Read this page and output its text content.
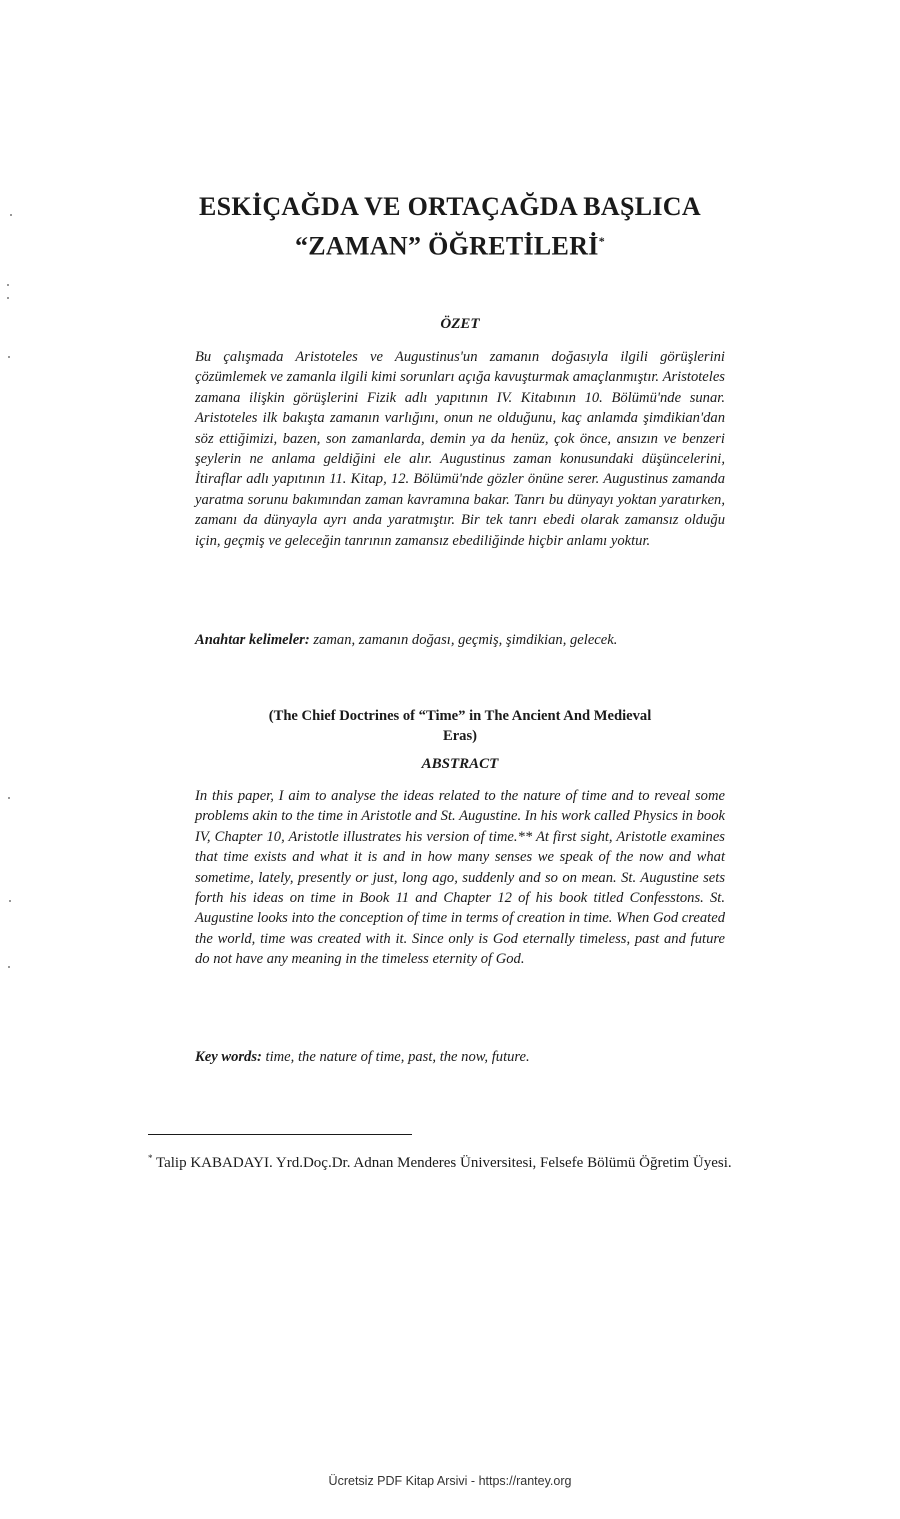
ESKİÇAĞDA VE ORTAÇAĞDA BAŞLICA
“ZAMAN” ÖĞRETİLERİ*
ÖZET
Bu çalışmada Aristoteles ve Augustinus'un zamanın doğasıyla ilgili görüşlerini çözümlemek ve zamanla ilgili kimi sorunları açığa kavuşturmak amaçlanmıştır. Aristoteles zamana ilişkin görüşlerini Fizik adlı yapıtının IV. Kitabının 10. Bölümü'nde sunar. Aristoteles ilk bakışta zamanın varlığını, onun ne olduğunu, kaç anlamda şimdikian'dan söz ettiğimizi, bazen, son zamanlarda, demin ya da henüz, çok önce, ansızın ve benzeri şeylerin ne anlama geldiğini ele alır. Augustinus zaman konusundaki düşüncelerini, İtiraflar adlı yapıtının 11. Kitap, 12. Bölümü'nde gözler önüne serer. Augustinus zamanda yaratma sorunu bakımından zaman kavramına bakar. Tanrı bu dünyayı yoktan yaratırken, zamanı da dünyayla ayrı anda yaratmıştır. Bir tek tanrı ebedi olarak zamansız olduğu için, geçmiş ve geleceğin tanrının zamansız ebediliğinde hiçbir anlamı yoktur.
Anahtar kelimeler: zaman, zamanın doğası, geçmiş, şimdikian, gelecek.
(The Chief Doctrines of “Time” in The Ancient And Medieval
Eras)
ABSTRACT
In this paper, I aim to analyse the ideas related to the nature of time and to reveal some problems akin to the time in Aristotle and St. Augustine. In his work called Physics in book IV, Chapter 10, Aristotle illustrates his version of time.** At first sight, Aristotle examines that time exists and what it is and in how many senses we speak of the now and what sometime, lately, presently or just, long ago, suddenly and so on mean. St. Augustine sets forth his ideas on time in Book 11 and Chapter 12 of his book titled Confesstons. St. Augustine looks into the conception of time in terms of creation in time. When God created the world, time was created with it. Since only is God eternally timeless, past and future do not have any meaning in the timeless eternity of God.
Key words: time, the nature of time, past, the now, future.
* Talip KABADAYI. Yrd.Doç.Dr. Adnan Menderes Üniversitesi, Felsefe Bölümü Öğretim Üyesi.
Ücretsiz PDF Kitap Arsivi - https://rantey.org
